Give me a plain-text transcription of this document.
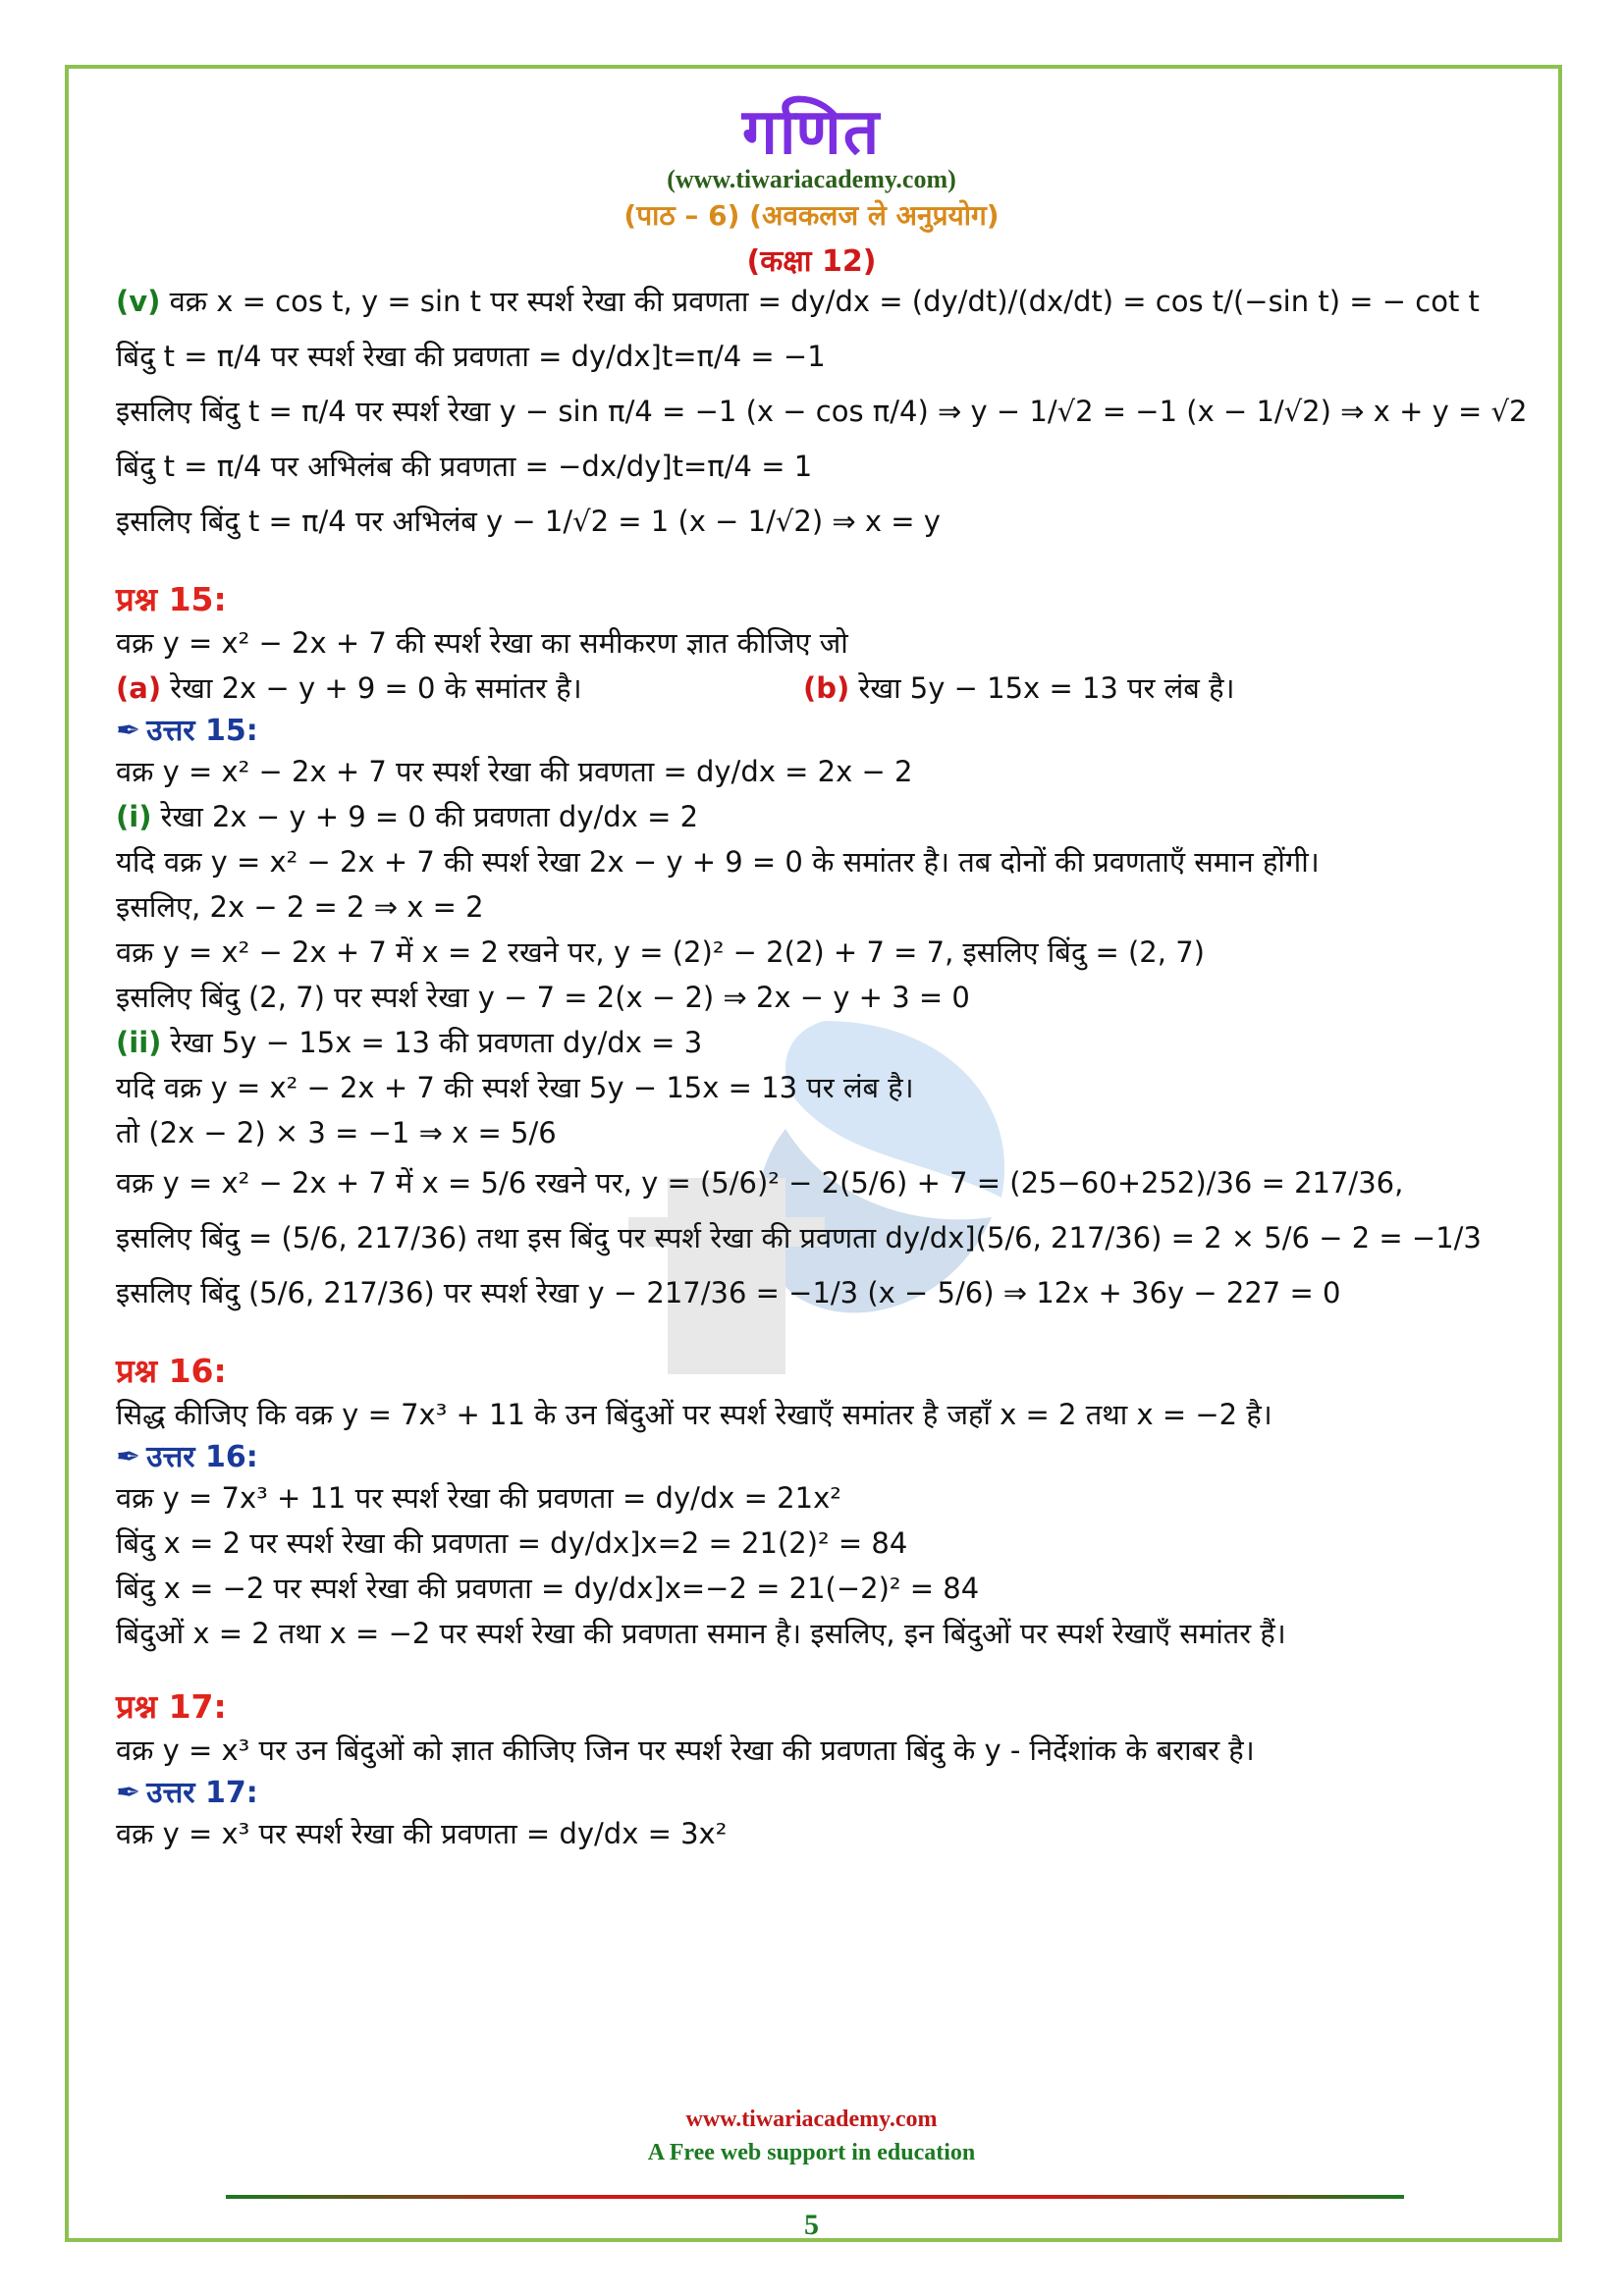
गणित
(www.tiwariacademy.com)
(पाठ – 6) (अवकलज ले अनुप्रयोग)
(कक्षा 12)
(v)
वक्र x = cos t, y = sin t पर स्पर्श रेखा की प्रवणता = dy/dx = (dy/dt)/(dx/dt) = cos t/(−sin t) = − cot t
बिंदु t = π/4 पर स्पर्श रेखा की प्रवणता = dy/dx]t=π/4 = −1
इसलिए बिंदु t = π/4 पर स्पर्श रेखा y − sin π/4 = −1 (x − cos π/4) ⇒ y − 1/√2 = −1 (x − 1/√2) ⇒ x + y = √2
बिंदु t = π/4 पर अभिलंब की प्रवणता = −dx/dy]t=π/4 = 1
इसलिए बिंदु t = π/4 पर अभिलंब y − 1/√2 = 1 (x − 1/√2) ⇒ x = y
प्रश्न 15:
वक्र y = x² − 2x + 7 की स्पर्श रेखा का समीकरण ज्ञात कीजिए जो
(a) रेखा 2x − y + 9 = 0 के समांतर है।	(b) रेखा 5y − 15x = 13 पर लंब है।
✒ उत्तर 15:
वक्र y = x² − 2x + 7 पर स्पर्श रेखा की प्रवणता = dy/dx = 2x − 2
(i)
रेखा 2x − y + 9 = 0 की प्रवणता dy/dx = 2
यदि वक्र y = x² − 2x + 7 की स्पर्श रेखा 2x − y + 9 = 0 के समांतर है। तब दोनों की प्रवणताएँ समान होंगी।
इसलिए, 2x − 2 = 2 ⇒ x = 2
वक्र y = x² − 2x + 7 में x = 2 रखने पर, y = (2)² − 2(2) + 7 = 7, इसलिए बिंदु = (2, 7)
इसलिए बिंदु (2, 7) पर स्पर्श रेखा y − 7 = 2(x − 2) ⇒ 2x − y + 3 = 0
(ii)
रेखा 5y − 15x = 13 की प्रवणता dy/dx = 3
यदि वक्र y = x² − 2x + 7 की स्पर्श रेखा 5y − 15x = 13 पर लंब है।
तो (2x − 2) × 3 = −1 ⇒ x = 5/6
वक्र y = x² − 2x + 7 में x = 5/6 रखने पर, y = (5/6)² − 2(5/6) + 7 = (25−60+252)/36 = 217/36,
इसलिए बिंदु = (5/6, 217/36) तथा इस बिंदु पर स्पर्श रेखा की प्रवणता dy/dx](5/6, 217/36) = 2 × 5/6 − 2 = −1/3
इसलिए बिंदु (5/6, 217/36) पर स्पर्श रेखा y − 217/36 = −1/3 (x − 5/6) ⇒ 12x + 36y − 227 = 0
प्रश्न 16:
सिद्ध कीजिए कि वक्र y = 7x³ + 11 के उन बिंदुओं पर स्पर्श रेखाएँ समांतर है जहाँ x = 2 तथा x = −2 है।
✒ उत्तर 16:
वक्र y = 7x³ + 11 पर स्पर्श रेखा की प्रवणता = dy/dx = 21x²
बिंदु x = 2 पर स्पर्श रेखा की प्रवणता = dy/dx]x=2 = 21(2)² = 84
बिंदु x = −2 पर स्पर्श रेखा की प्रवणता = dy/dx]x=−2 = 21(−2)² = 84
बिंदुओं x = 2 तथा x = −2 पर स्पर्श रेखा की प्रवणता समान है। इसलिए, इन बिंदुओं पर स्पर्श रेखाएँ समांतर हैं।
प्रश्न 17:
वक्र y = x³ पर उन बिंदुओं को ज्ञात कीजिए जिन पर स्पर्श रेखा की प्रवणता बिंदु के y - निर्देशांक के बराबर है।
✒ उत्तर 17:
वक्र y = x³ पर स्पर्श रेखा की प्रवणता = dy/dx = 3x²
www.tiwariacademy.com
A Free web support in education
5
